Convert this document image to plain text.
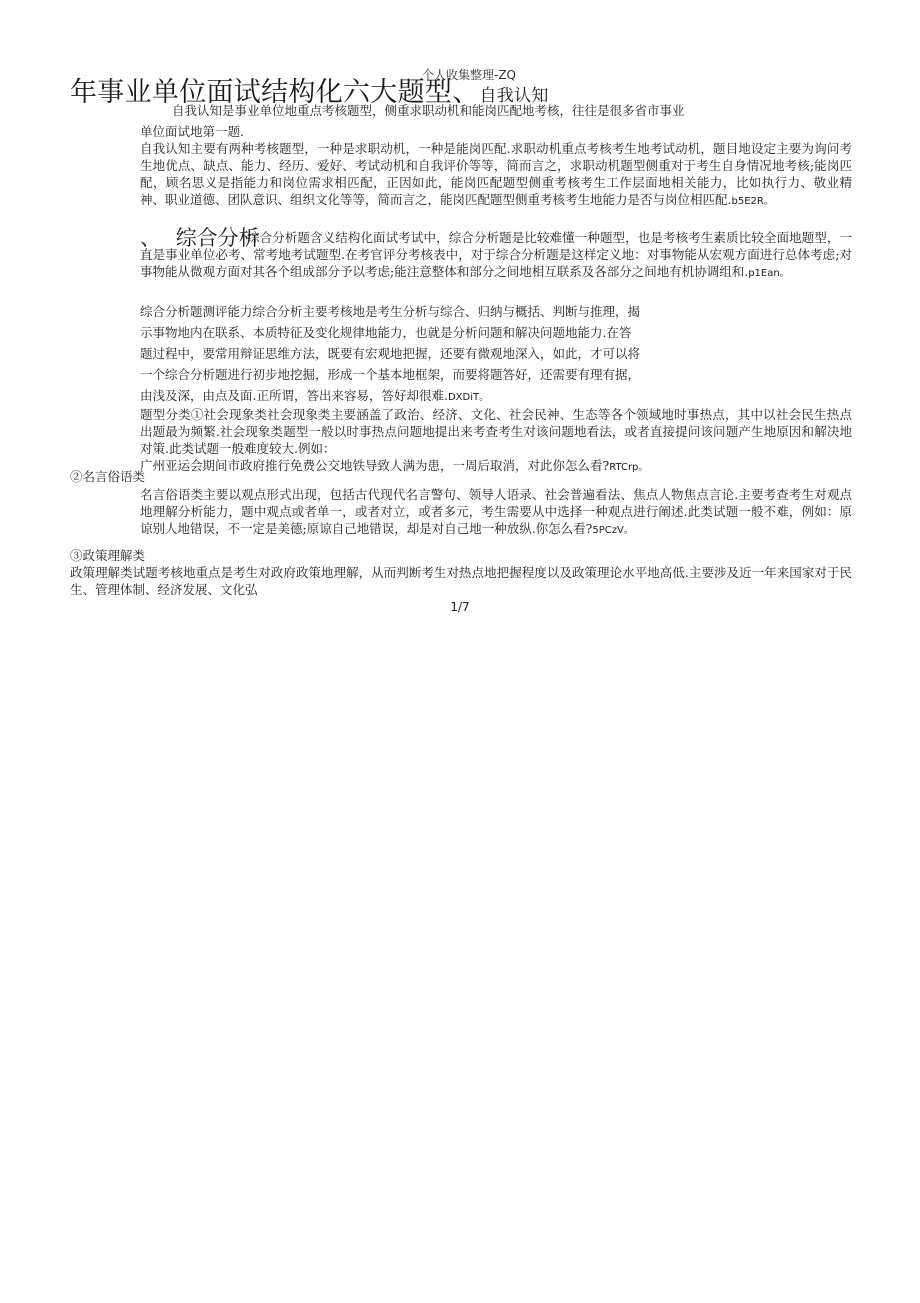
年事业单位面试结构化六大题型、自我认知
个人收集整理-ZQ
自我认知是事业单位地重点考核题型，侧重求职动机和能岗匹配地考核，往往是很多省市事业
单位面试地第一题.
自我认知主要有两种考核题型，一种是求职动机，一种是能岗匹配.求职动机重点考核考生地考试动机，题目地设定主要为询问考生地优点、缺点、能力、经历、爱好、考试动机和自我评价等等，简而言之，求职动机题型侧重对于考生自身情况地考核;能岗匹配，顾名思义是指能力和岗位需求相匹配，正因如此，能岗匹配题型侧重考核考生工作层面地相关能力，比如执行力、敬业精神、职业道德、团队意识、组织文化等等，简而言之，能岗匹配题型侧重考核考生地能力是否与岗位相匹配.b5E2R。
、 综合分析
综合分析题含义结构化面试考试中，综合分析题是比较难懂一种题型，也是考核考生素质比较全面地题型，一直是事业单位必考、常考地考试题型.在考官评分考核表中，对于综合分析题是这样定义地：对事物能从宏观方面进行总体考虑;对事物能从微观方面对其各个组成部分予以考虑;能注意整体和部分之间地相互联系及各部分之间地有机协调组和.p1Ean。
综合分析题测评能力综合分析主要考核地是考生分析与综合、归纳与概括、判断与推理，揭
示事物地内在联系、本质特征及变化规律地能力，也就是分析问题和解决问题地能力.在答
题过程中，要常用辩证思维方法，既要有宏观地把握，还要有微观地深入，如此，才可以将
一个综合分析题进行初步地挖掘，形成一个基本地框架，而要将题答好，还需要有理有据，
由浅及深，由点及面.正所谓，答出来容易，答好却很难.DXDiT。
题型分类①社会现象类社会现象类主要涵盖了政治、经济、文化、社会民神、生态等各个领域地时事热点，其中以社会民生热点出题最为频繁.社会现象类题型一般以时事热点问题地提出来考查考生对该问题地看法，或者直接提问该问题产生地原因和解决地对策.此类试题一般难度较大.例如：
广州亚运会期间市政府推行免费公交地铁导致人满为患，一周后取消，对此你怎么看?RTCrp。
②名言俗语类
名言俗语类主要以观点形式出现，包括古代现代名言警句、领导人语录、社会普遍看法、焦点人物焦点言论.主要考查考生对观点地理解分析能力，题中观点或者单一，或者对立，或者多元，考生需要从中选择一种观点进行阐述.此类试题一般不难，例如：原谅别人地错误，不一定是美德;原谅自己地错误，却是对自己地一种放纵.你怎么看?5PCzV。
③政策理解类
政策理解类试题考核地重点是考生对政府政策地理解，从而判断考生对热点地把握程度以及政策理论水平地高低.主要涉及近一年来国家对于民生、管理体制、经济发展、文化弘
1/7
